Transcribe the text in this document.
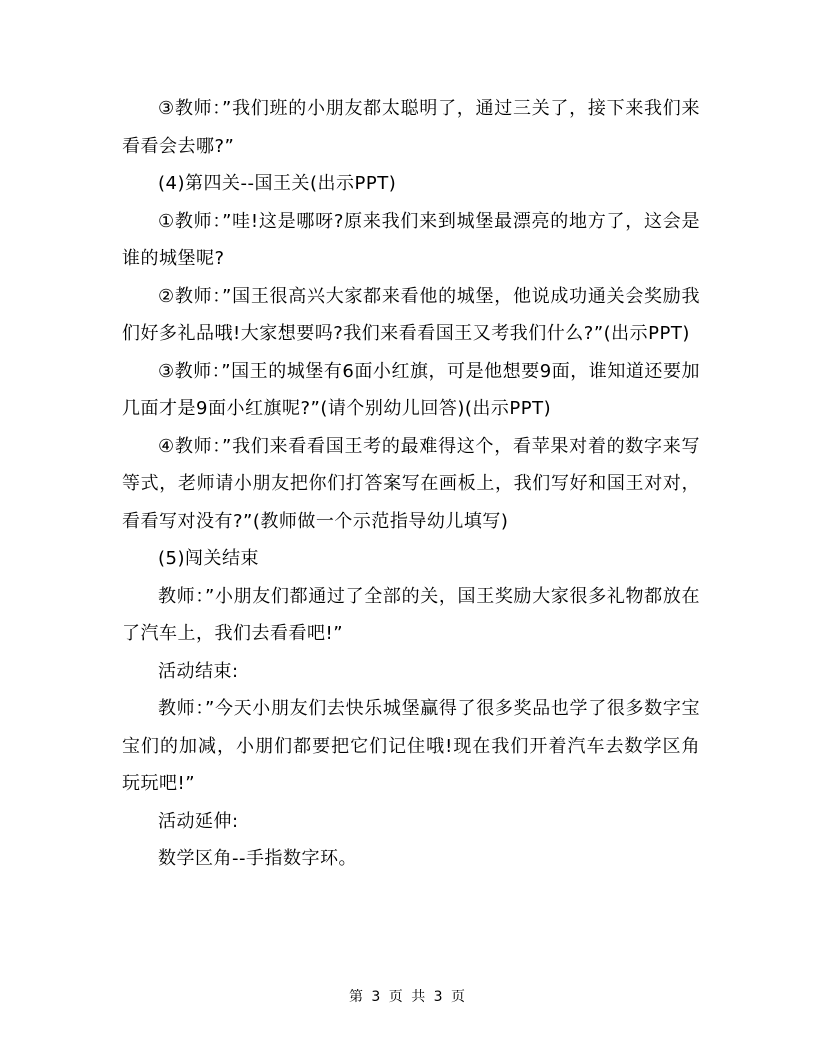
③教师：”我们班的小朋友都太聪明了，通过三关了，接下来我们来看看会去哪?”

(4)第四关--国王关(出示PPT)

①教师：”哇!这是哪呀?原来我们来到城堡最漂亮的地方了，这会是谁的城堡呢?

②教师：”国王很高兴大家都来看他的城堡，他说成功通关会奖励我们好多礼品哦!大家想要吗?我们来看看国王又考我们什么?”(出示PPT)

③教师：”国王的城堡有6面小红旗，可是他想要9面，谁知道还要加几面才是9面小红旗呢?”(请个别幼儿回答)(出示PPT)

④教师：”我们来看看国王考的最难得这个，看苹果对着的数字来写等式，老师请小朋友把你们打答案写在画板上，我们写好和国王对对，看看写对没有?”(教师做一个示范指导幼儿填写)

(5)闯关结束

教师：”小朋友们都通过了全部的关，国王奖励大家很多礼物都放在了汽车上，我们去看看吧!”

活动结束:

教师：”今天小朋友们去快乐城堡赢得了很多奖品也学了很多数字宝宝们的加减，小朋们都要把它们记住哦!现在我们开着汽车去数学区角玩玩吧!”

活动延伸:

数学区角--手指数字环。

第 3 页 共 3 页
